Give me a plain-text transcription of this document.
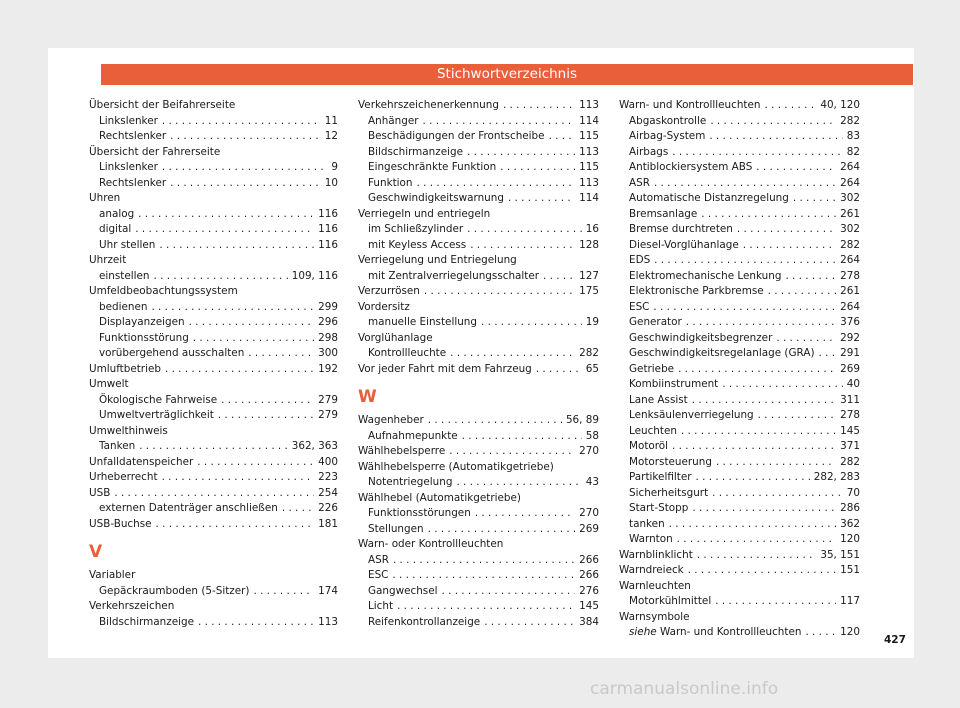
Stichwortverzeichnis
Übersicht der Beifahrerseite
Linkslenker . . .	11
Rechtslenker . . .	12
Übersicht der Fahrerseite
Linkslenker . . .	9
Rechtslenker . . .	10
Uhren
analog . . .	116
digital . . .	116
Uhr stellen . . .	116
Uhrzeit
einstellen . . .	109, 116
Umfeldbeobachtungssystem
bedienen . . .	299
Displayanzeigen . . .	296
Funktionsstörung . . .	298
vorübergehend ausschalten . . .	300
Umluftbetrieb . . .	192
Umwelt
Ökologische Fahrweise . . .	279
Umweltverträglichkeit . . .	279
Umwelthinweis
Tanken . . .	362, 363
Unfalldatenspeicher . . .	400
Urheberrecht . . .	223
USB . . .	254
externen Datenträger anschließen . . .	226
USB-Buchse . . .	181
V
Variabler
Gepäckraumboden (5-Sitzer) . . .	174
Verkehrszeichen
Bildschirmanzeige . . .	113
Verkehrszeichenerkennung . . .	113
Anhänger . . .	114
Beschädigungen der Frontscheibe . . .	115
Bildschirmanzeige . . .	113
Eingeschränkte Funktion . . .	115
Funktion . . .	113
Geschwindigkeitswarnung . . .	114
Verriegeln und entriegeln
im Schließzylinder . . .	16
mit Keyless Access . . .	128
Verriegelung und Entriegelung
mit Zentralverriegelungsschalter . . .	127
Verzurrösen . . .	175
Vordersitz
manuelle Einstellung . . .	19
Vorglühanlage
Kontrollleuchte . . .	282
Vor jeder Fahrt mit dem Fahrzeug . . .	65
W
Wagenheber . . .	56, 89
Aufnahmepunkte . . .	58
Wählhebelsperre . . .	270
Wählhebelsperre (Automatikgetriebe)
Notentriegelung . . .	43
Wählhebel (Automatikgetriebe)
Funktionsstörungen . . .	270
Stellungen . . .	269
Warn- oder Kontrollleuchten
ASR . . .	266
ESC . . .	266
Gangwechsel . . .	276
Licht . . .	145
Reifenkontrollanzeige . . .	384
Warn- und Kontrollleuchten . . .	40, 120
Abgaskontrolle . . .	282
Airbag-System . . .	83
Airbags . . .	82
Antiblockiersystem ABS . . .	264
ASR . . .	264
Automatische Distanzregelung . . .	302
Bremsanlage . . .	261
Bremse durchtreten . . .	302
Diesel-Vorglühanlage . . .	282
EDS . . .	264
Elektromechanische Lenkung . . .	278
Elektronische Parkbremse . . .	261
ESC . . .	264
Generator . . .	376
Geschwindigkeitsbegrenzer . . .	292
Geschwindigkeitsregelanlage (GRA) . . . 291
Getriebe . . .	269
Kombiinstrument . . .	40
Lane Assist . . .	311
Lenksäulenverriegelung . . .	278
Leuchten . . .	145
Motoröl . . .	371
Motorsteuerung . . .	282
Partikelfilter . . .	282, 283
Sicherheitsgurt . . .	70
Start-Stopp . . .	286
tanken . . .	362
Warnton . . .	120
Warnblinklicht . . .	35, 151
Warndreieck . . .	151
Warnleuchten
Motorkühlmittel . . .	117
Warnsymbole
siehe Warn- und Kontrollleuchten . . .	120
427
carmanualsonline.info
